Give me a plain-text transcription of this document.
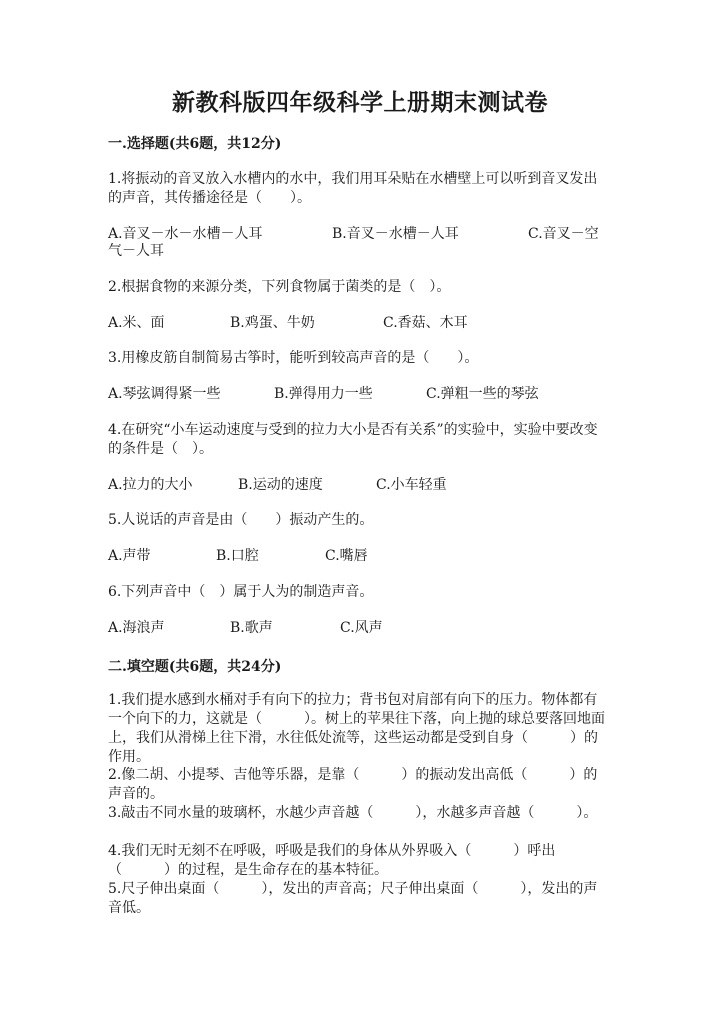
新教科版四年级科学上册期末测试卷
一.选择题(共6题，共12分)
1.将振动的音叉放入水槽内的水中，我们用耳朵贴在水槽壁上可以听到音叉发出的声音，其传播途径是（　　）。
A.音叉－水－水槽－人耳	B.音叉－水槽－人耳	C.音叉－空
气－人耳
2.根据食物的来源分类，下列食物属于菌类的是（　）。
A.米、面	B.鸡蛋、牛奶	C.香菇、木耳
3.用橡皮筋自制简易古筝时，能听到较高声音的是（　　）。
A.琴弦调得紧一些	B.弹得用力一些	C.弹粗一些的琴弦
4.在研究“小车运动速度与受到的拉力大小是否有关系”的实验中，实验中要改变的条件是（　）。
A.拉力的大小	B.运动的速度	C.小车轻重
5.人说话的声音是由（　　）振动产生的。
A.声带	B.口腔	C.嘴唇
6.下列声音中（　）属于人为的制造声音。
A.海浪声	B.歌声	C.风声
二.填空题(共6题，共24分)
1.我们提水感到水桶对手有向下的拉力；背书包对肩部有向下的压力。物体都有一个向下的力，这就是（　　　）。树上的苹果往下落，向上抛的球总要落回地面上，我们从滑梯上往下滑，水往低处流等，这些运动都是受到自身（　　　）的作用。
2.像二胡、小提琴、吉他等乐器，是靠（　　　）的振动发出高低（　　　）的声音的。
3.敲击不同水量的玻璃杯，水越少声音越（　　　），水越多声音越（　　　）。
4.我们无时无刻不在呼吸，呼吸是我们的身体从外界吸入（　　　）呼出（　　　）的过程，是生命存在的基本特征。
5.尺子伸出桌面（　　　），发出的声音高；尺子伸出桌面（　　　），发出的声音低。
